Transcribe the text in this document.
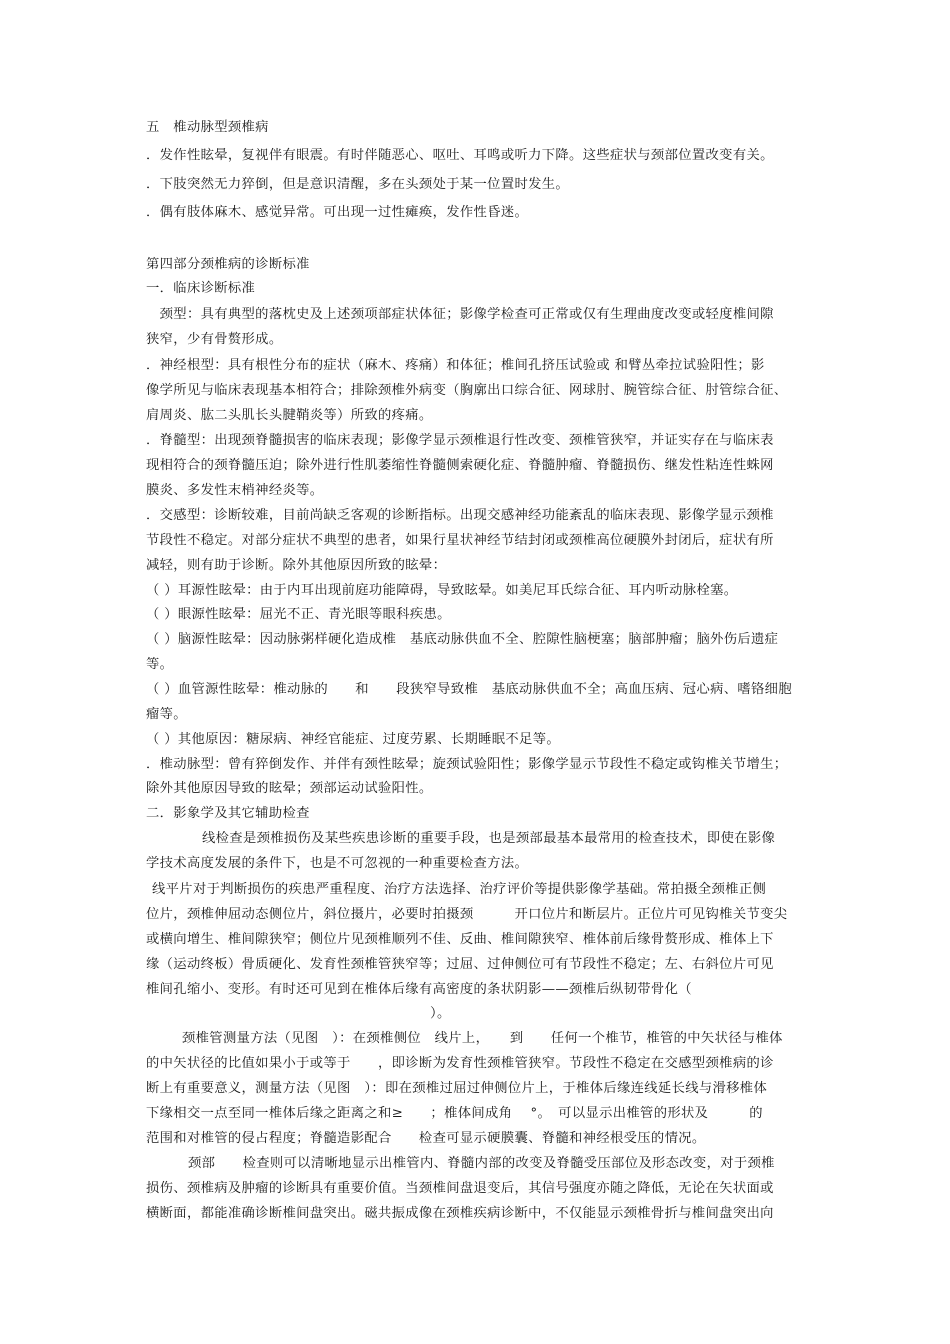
五　椎动脉型颈椎病
．发作性眩晕，复视伴有眼震。有时伴随恶心、呕吐、耳鸣或听力下降。这些症状与颈部位置改变有关。
．下肢突然无力猝倒，但是意识清醒，多在头颈处于某一位置时发生。
．偶有肢体麻木、感觉异常。可出现一过性瘫痪，发作性昏迷。
第四部分颈椎病的诊断标准
一．临床诊断标准
　颈型：具有典型的落枕史及上述颈项部症状体征；影像学检查可正常或仅有生理曲度改变或轻度椎间隙
狭窄，少有骨赘形成。
．神经根型：具有根性分布的症状（麻木、疼痛）和体征；椎间孔挤压试验或 和臂丛牵拉试验阳性；影
像学所见与临床表现基本相符合；排除颈椎外病变（胸廓出口综合征、网球肘、腕管综合征、肘管综合征、
肩周炎、肱二头肌长头腱鞘炎等）所致的疼痛。
．脊髓型：出现颈脊髓损害的临床表现；影像学显示颈椎退行性改变、颈椎管狭窄，并证实存在与临床表
现相符合的颈脊髓压迫；除外进行性肌萎缩性脊髓侧索硬化症、脊髓肿瘤、脊髓损伤、继发性粘连性蛛网
膜炎、多发性末梢神经炎等。
．交感型：诊断较难，目前尚缺乏客观的诊断指标。出现交感神经功能紊乱的临床表现、影像学显示颈椎
节段性不稳定。对部分症状不典型的患者，如果行星状神经节结封闭或颈椎高位硬膜外封闭后，症状有所
减轻，则有助于诊断。除外其他原因所致的眩晕：
（ ）耳源性眩晕：由于内耳出现前庭功能障碍，导致眩晕。如美尼耳氏综合征、耳内听动脉栓塞。
（ ）眼源性眩晕：屈光不正、青光眼等眼科疾患。
（ ）脑源性眩晕：因动脉粥样硬化造成椎　基底动脉供血不全、腔隙性脑梗塞；脑部肿瘤；脑外伤后遗症
等。
（ ）血管源性眩晕：椎动脉的　　和　　段狭窄导致椎　基底动脉供血不全；高血压病、冠心病、嗜铬细胞
瘤等。
（ ）其他原因：糖尿病、神经官能症、过度劳累、长期睡眠不足等。
．椎动脉型：曾有猝倒发作、并伴有颈性眩晕；旋颈试验阳性；影像学显示节段性不稳定或钩椎关节增生；
除外其他原因导致的眩晕；颈部运动试验阳性。
二．影象学及其它辅助检查
线检查是颈椎损伤及某些疾患诊断的重要手段，也是颈部最基本最常用的检查技术，即使在影像
学技术高度发展的条件下，也是不可忽视的一种重要检查方法。
线平片对于判断损伤的疾患严重程度、治疗方法选择、治疗评价等提供影像学基础。常拍摄全颈椎正侧
位片，颈椎伸屈动态侧位片，斜位摄片，必要时拍摄颈　　　开口位片和断层片。正位片可见钩椎关节变尖
或横向增生、椎间隙狭窄；侧位片见颈椎顺列不佳、反曲、椎间隙狭窄、椎体前后缘骨赘形成、椎体上下
缘（运动终板）骨质硬化、发育性颈椎管狭窄等；过屈、过伸侧位可有节段性不稳定；左、右斜位片可见
椎间孔缩小、变形。有时还可见到在椎体后缘有高密度的条状阴影——颈椎后纵韧带骨化（
）。
颈椎管测量方法（见图　）：在颈椎侧位　线片上，　　到　　任何一个椎节，椎管的中矢状径与椎体
的中矢状径的比值如果小于或等于　　，即诊断为发育性颈椎管狭窄。节段性不稳定在交感型颈椎病的诊
断上有重要意义，测量方法（见图　）：即在颈椎过屈过伸侧位片上，于椎体后缘连线延长线与滑移椎体
下缘相交一点至同一椎体后缘之距离之和≥　　；椎体间成角　 °。　可以显示出椎管的形状及　　　的
范围和对椎管的侵占程度；脊髓造影配合　　检查可显示硬膜囊、脊髓和神经根受压的情况。
颈部　　检查则可以清晰地显示出椎管内、脊髓内部的改变及脊髓受压部位及形态改变，对于颈椎
损伤、颈椎病及肿瘤的诊断具有重要价值。当颈椎间盘退变后，其信号强度亦随之降低，无论在矢状面或
横断面，都能准确诊断椎间盘突出。磁共振成像在颈椎疾病诊断中，不仅能显示颈椎骨折与椎间盘突出向
